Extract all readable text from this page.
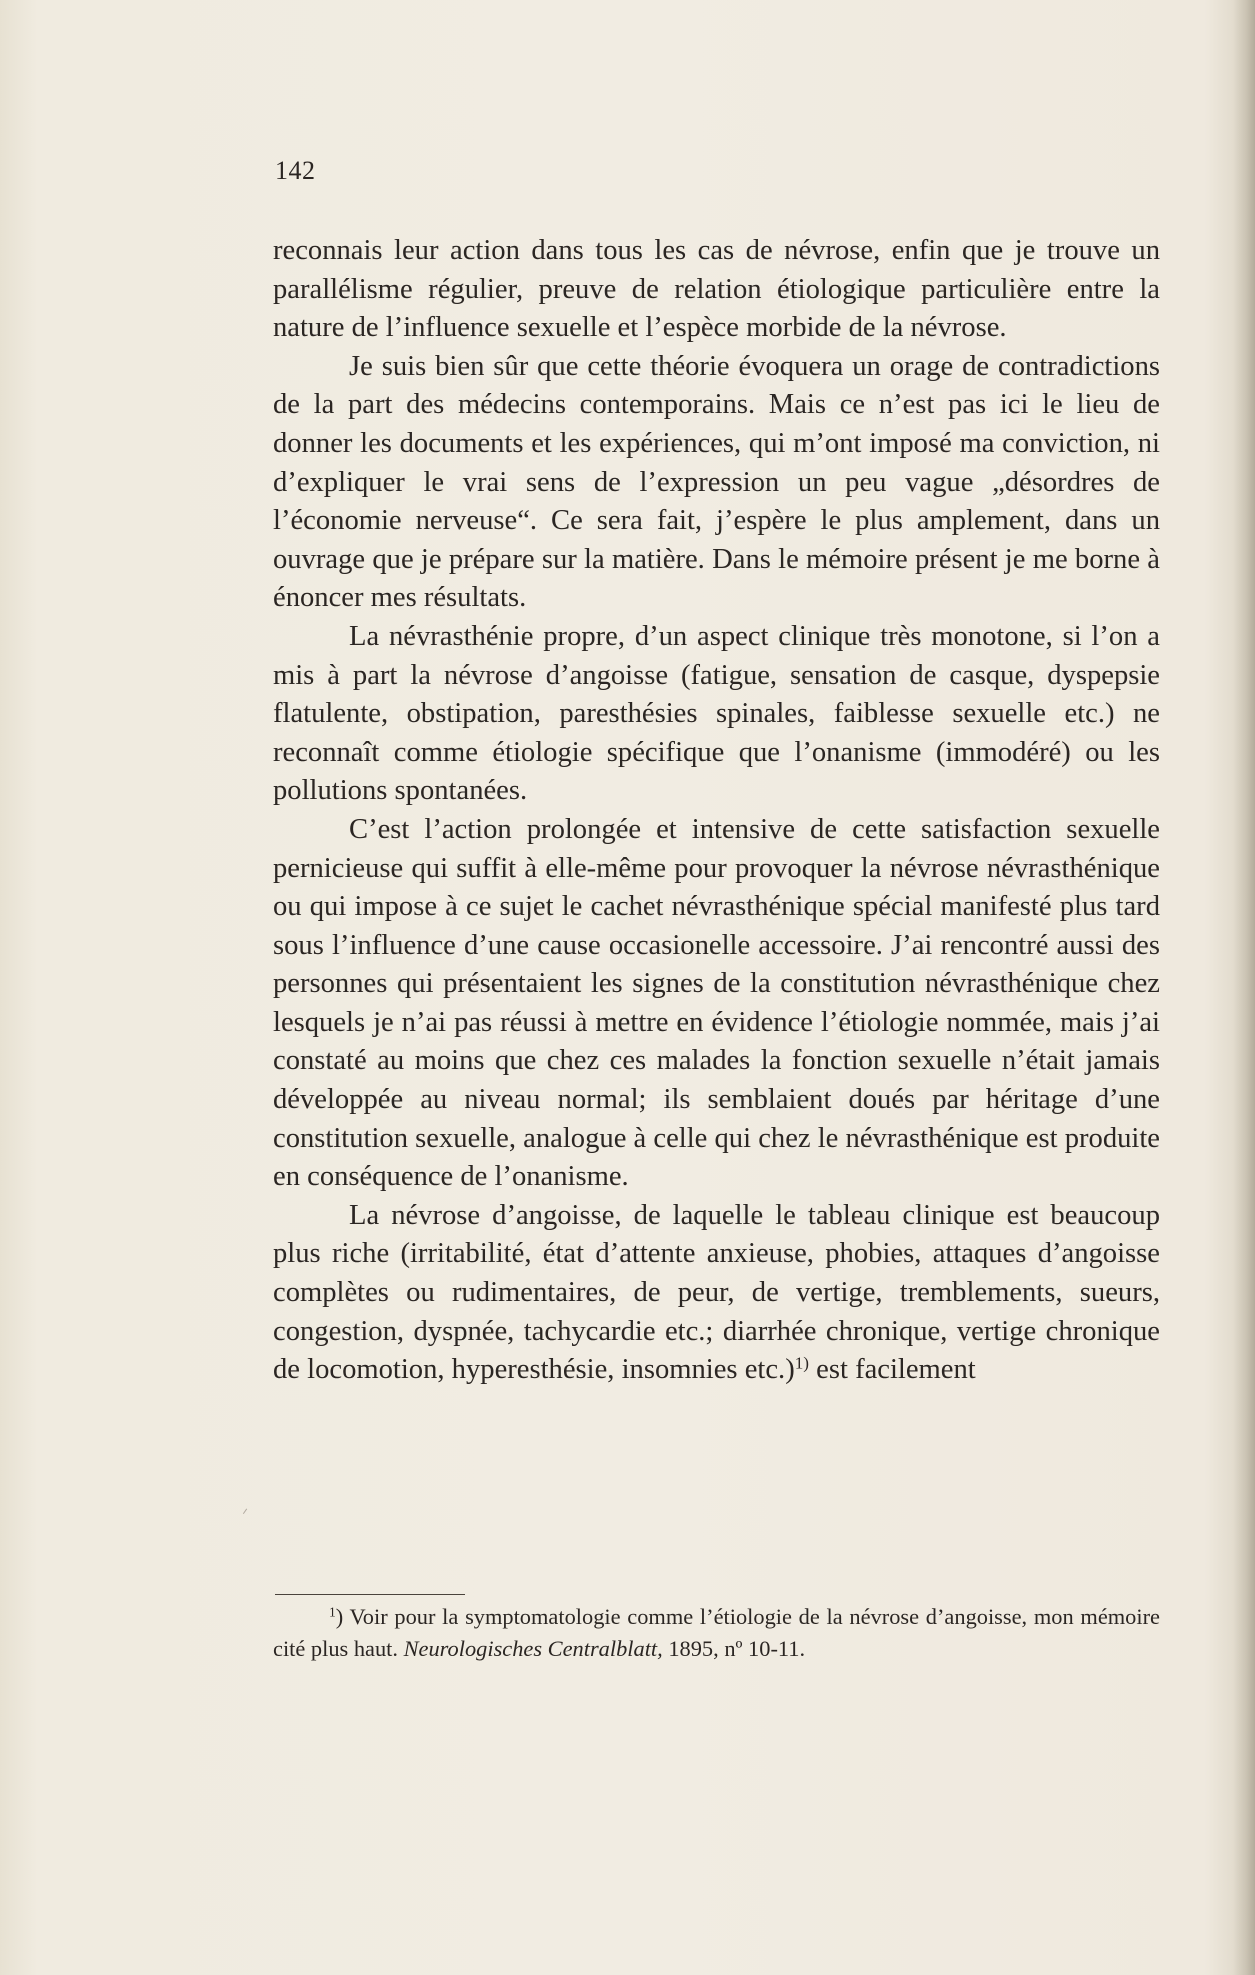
142

reconnais leur action dans tous les cas de névrose, enfin que je trouve un parallélisme régulier, preuve de relation étiologique particulière entre la nature de l’influence sexuelle et l’espèce morbide de la névrose.

Je suis bien sûr que cette théorie évoquera un orage de contradictions de la part des médecins contemporains. Mais ce n’est pas ici le lieu de donner les documents et les expériences, qui m’ont imposé ma conviction, ni d’expliquer le vrai sens de l’expression un peu vague „désordres de l’économie nerveuse“. Ce sera fait, j’espère le plus amplement, dans un ouvrage que je prépare sur la matière. Dans le mémoire présent je me borne à énoncer mes résultats.

La névrasthénie propre, d’un aspect clinique très monotone, si l’on a mis à part la névrose d’angoisse (fatigue, sensation de casque, dyspepsie flatulente, obstipation, paresthésies spinales, faiblesse sexuelle etc.) ne reconnaît comme étiologie spécifique que l’onanisme (immodéré) ou les pollutions spontanées.

C’est l’action prolongée et intensive de cette satisfaction sexuelle pernicieuse qui suffit à elle-même pour provoquer la névrose névrasthénique ou qui impose à ce sujet le cachet névrasthénique spécial manifesté plus tard sous l’influence d’une cause occasionelle accessoire. J’ai rencontré aussi des personnes qui présentaient les signes de la constitution névrasthénique chez lesquels je n’ai pas réussi à mettre en évidence l’étiologie nommée, mais j’ai constaté au moins que chez ces malades la fonction sexuelle n’était jamais développée au niveau normal; ils semblaient doués par héritage d’une constitution sexuelle, analogue à celle qui chez le névrasthénique est produite en conséquence de l’onanisme.

La névrose d’angoisse, de laquelle le tableau clinique est beaucoup plus riche (irritabilité, état d’attente anxieuse, phobies, attaques d’angoisse complètes ou rudimentaires, de peur, de vertige, tremblements, sueurs, congestion, dyspnée, tachycardie etc.; diarrhée chronique, vertige chronique de locomotion, hyperesthésie, insomnies etc.)$^{1)}$ est facilement

$^1$) Voir pour la symptomatologie comme l’étiologie de la névrose d’angoisse, mon mémoire cité plus haut. Neurologisches Centralblatt, 1895, nº 10-11.
